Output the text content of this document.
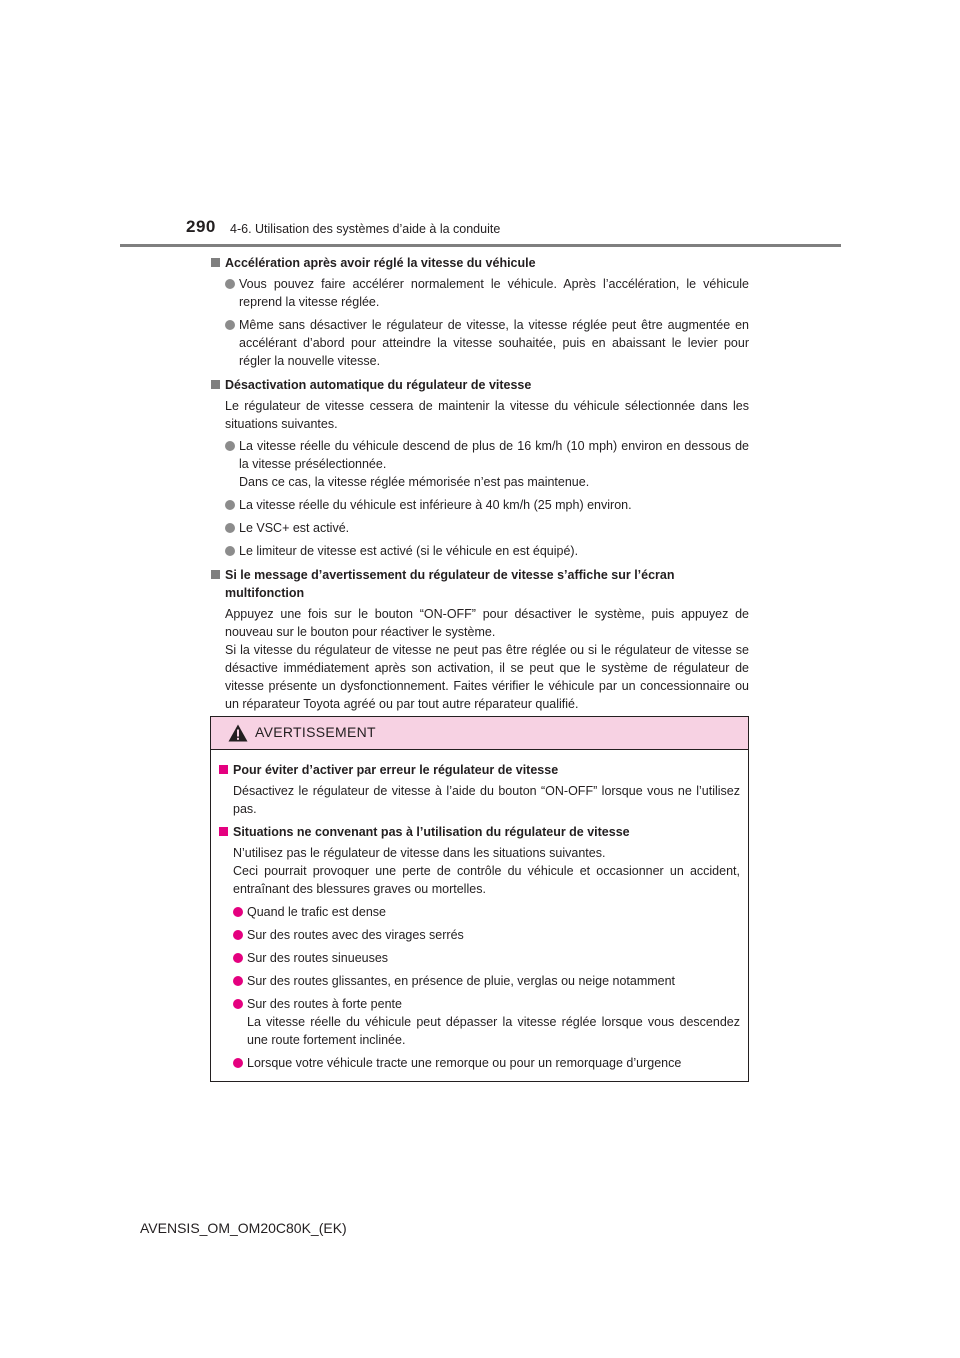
290 4-6. Utilisation des systèmes d’aide à la conduite
Accélération après avoir réglé la vitesse du véhicule
Vous pouvez faire accélérer normalement le véhicule. Après l’accélération, le véhicule reprend la vitesse réglée.
Même sans désactiver le régulateur de vitesse, la vitesse réglée peut être augmentée en accélérant d’abord pour atteindre la vitesse souhaitée, puis en abaissant le levier pour régler la nouvelle vitesse.
Désactivation automatique du régulateur de vitesse
Le régulateur de vitesse cessera de maintenir la vitesse du véhicule sélectionnée dans les situations suivantes.
La vitesse réelle du véhicule descend de plus de 16 km/h (10 mph) environ en dessous de la vitesse présélectionnée.
Dans ce cas, la vitesse réglée mémorisée n’est pas maintenue.
La vitesse réelle du véhicule est inférieure à 40 km/h (25 mph) environ.
Le VSC+ est activé.
Le limiteur de vitesse est activé (si le véhicule en est équipé).
Si le message d’avertissement du régulateur de vitesse s’affiche sur l’écran multifonction
Appuyez une fois sur le bouton “ON-OFF” pour désactiver le système, puis appuyez de nouveau sur le bouton pour réactiver le système.
Si la vitesse du régulateur de vitesse ne peut pas être réglée ou si le régulateur de vitesse se désactive immédiatement après son activation, il se peut que le système de régulateur de vitesse présente un dysfonctionnement. Faites vérifier le véhicule par un concessionnaire ou un réparateur Toyota agréé ou par tout autre réparateur qualifié.
AVERTISSEMENT
Pour éviter d’activer par erreur le régulateur de vitesse
Désactivez le régulateur de vitesse à l’aide du bouton “ON-OFF” lorsque vous ne l’utilisez pas.
Situations ne convenant pas à l’utilisation du régulateur de vitesse
N’utilisez pas le régulateur de vitesse dans les situations suivantes.
Ceci pourrait provoquer une perte de contrôle du véhicule et occasionner un accident, entraînant des blessures graves ou mortelles.
Quand le trafic est dense
Sur des routes avec des virages serrés
Sur des routes sinueuses
Sur des routes glissantes, en présence de pluie, verglas ou neige notamment
Sur des routes à forte pente
La vitesse réelle du véhicule peut dépasser la vitesse réglée lorsque vous descendez une route fortement inclinée.
Lorsque votre véhicule tracte une remorque ou pour un remorquage d’urgence
AVENSIS_OM_OM20C80K_(EK)
